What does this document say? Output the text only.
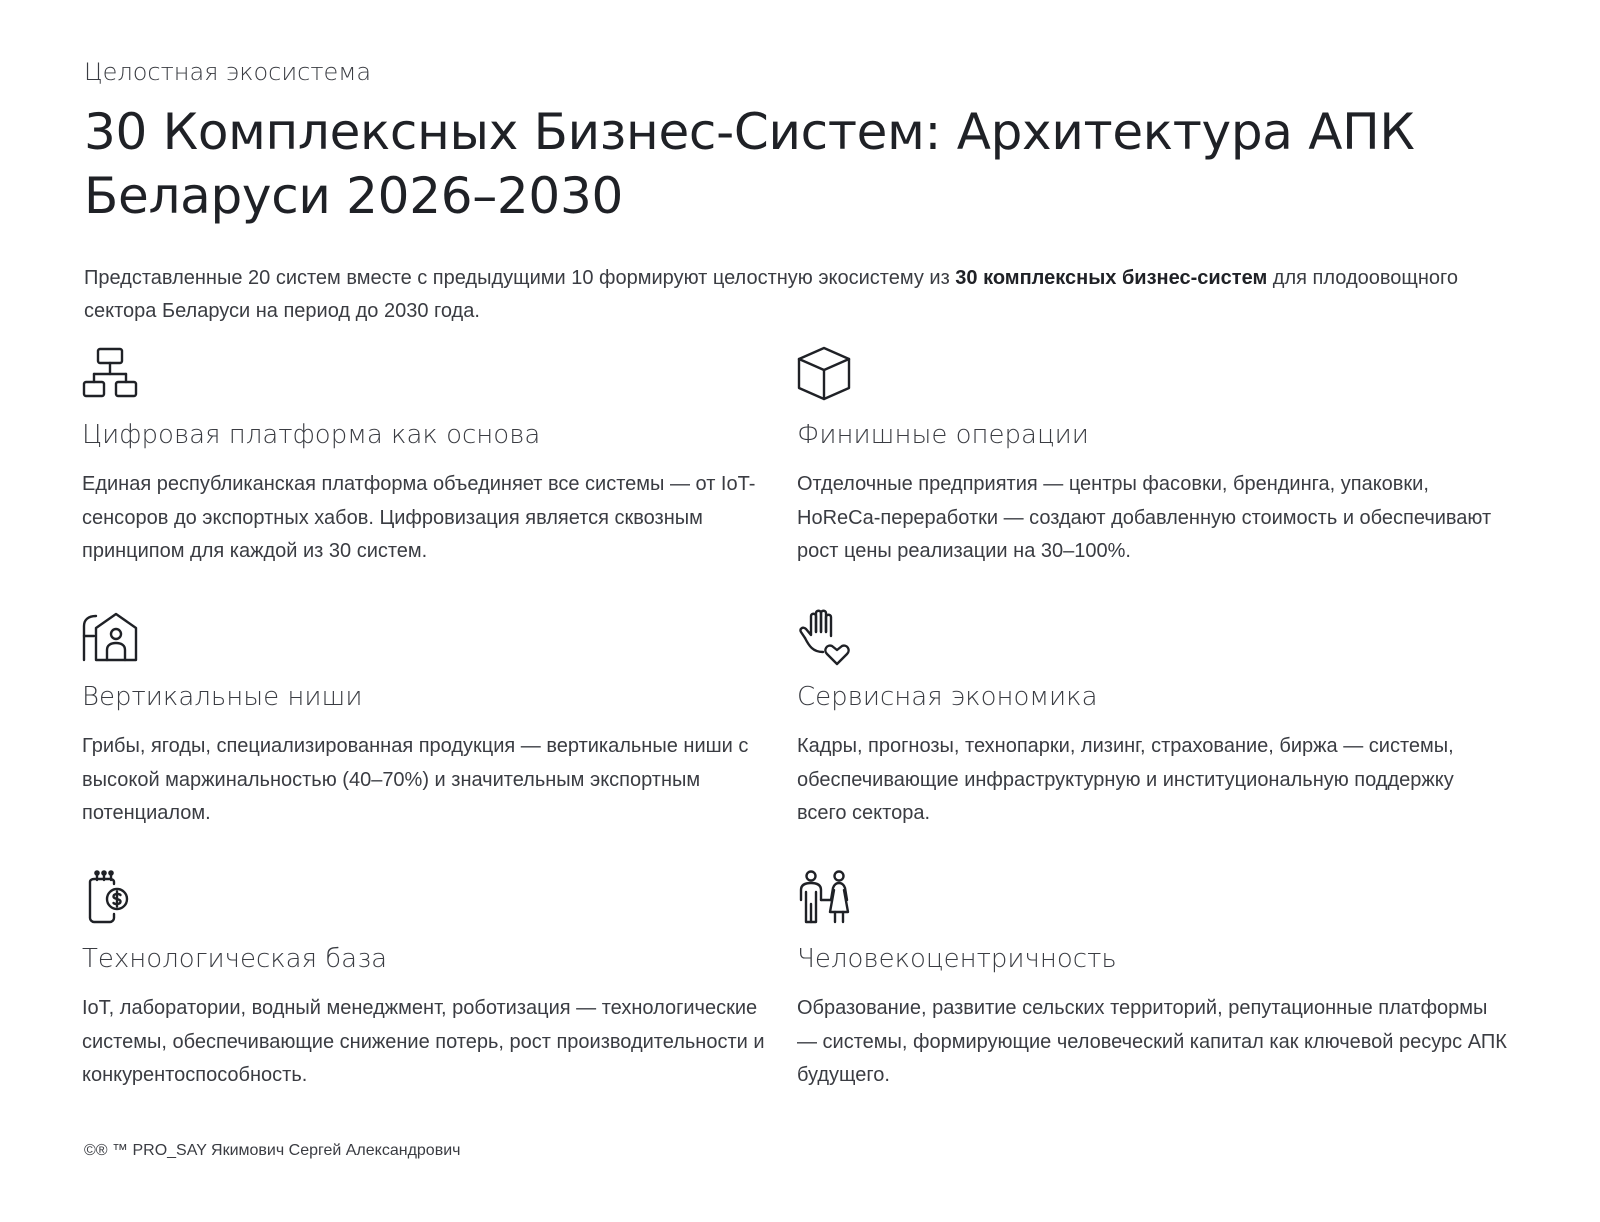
Целостная экосистема
30 Комплексных Бизнес-Систем: Архитектура АПК Беларуси 2026–2030
Представленные 20 систем вместе с предыдущими 10 формируют целостную экосистему из 30 комплексных бизнес-систем для плодоовощного сектора Беларуси на период до 2030 года.
Цифровая платформа как основа
Единая республиканская платформа объединяет все системы — от IoT-сенсоров до экспортных хабов. Цифровизация является сквозным принципом для каждой из 30 систем.
Финишные операции
Отделочные предприятия — центры фасовки, брендинга, упаковки, HoReCa-переработки — создают добавленную стоимость и обеспечивают рост цены реализации на 30–100%.
Вертикальные ниши
Грибы, ягоды, специализированная продукция — вертикальные ниши с высокой маржинальностью (40–70%) и значительным экспортным потенциалом.
Сервисная экономика
Кадры, прогнозы, технопарки, лизинг, страхование, биржа — системы, обеспечивающие инфраструктурную и институциональную поддержку всего сектора.
Технологическая база
IoT, лаборатории, водный менеджмент, роботизация — технологические системы, обеспечивающие снижение потерь, рост производительности и конкурентоспособность.
Человекоцентричность
Образование, развитие сельских территорий, репутационные платформы — системы, формирующие человеческий капитал как ключевой ресурс АПК будущего.
©® ™ PRO_SAY Якимович Сергей Александрович
